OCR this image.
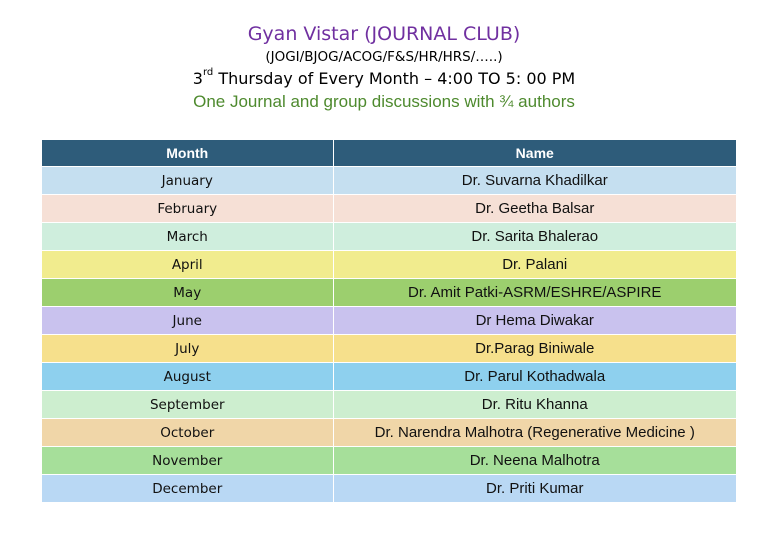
Gyan Vistar (JOURNAL CLUB)
(JOGI/BJOG/ACOG/F&S/HR/HRS/…..)
3rd Thursday of Every Month – 4:00 TO 5: 00 PM
One Journal and group discussions with ¾ authors
Month	Name
January	Dr. Suvarna Khadilkar
February	Dr. Geetha Balsar
March	Dr. Sarita Bhalerao
April	Dr. Palani
May	Dr. Amit Patki-ASRM/ESHRE/ASPIRE
June	Dr Hema Diwakar
July	Dr.Parag Biniwale
August	Dr. Parul Kothadwala
September	Dr. Ritu Khanna
October	Dr. Narendra Malhotra (Regenerative Medicine )
November	Dr. Neena Malhotra
December	Dr. Priti Kumar
